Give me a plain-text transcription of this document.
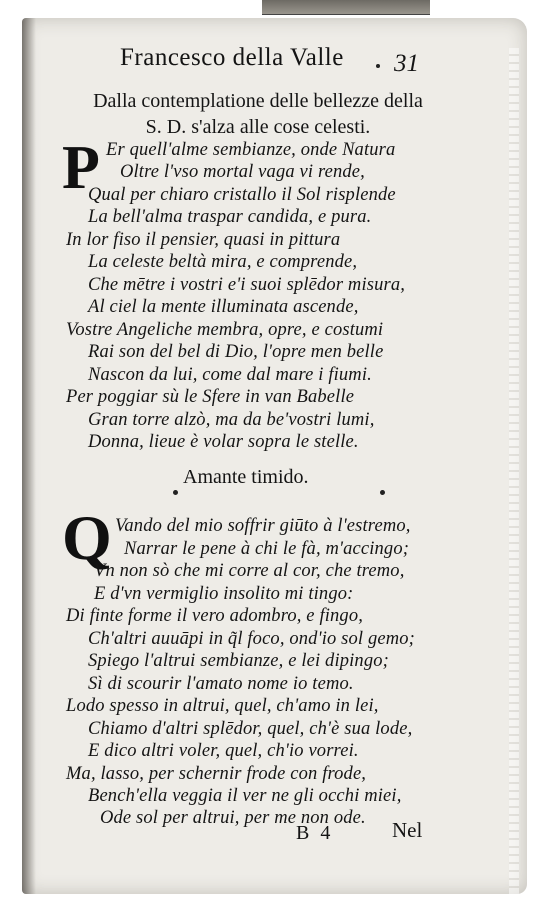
Francesco della Valle 31
Dalla contemplatione delle bellezze della
S. D. s'alza alle cose celesti.
P Er quell'alme sembianze, onde Natura
Oltre l'vso mortal vaga vi rende,
Qual per chiaro cristallo il Sol risplende
La bell'alma traspar candida, e pura.
In lor fiso il pensier, quasi in pittura
La celeste beltà mira, e comprende,
Che mētre i vostri e'i suoi splēdor misura,
Al ciel la mente illuminata ascende,
Vostre Angeliche membra, opre, e costumi
Rai son del bel di Dio, l'opre men belle
Nascon da lui, come dal mare i fiumi.
Per poggiar sù le Sfere in van Babelle
Gran torre alzò, ma da be'vostri lumi,
Donna, lieue è volar sopra le stelle.
Amante timido.
Q Vando del mio soffrir giūto à l'estremo,
Narrar le pene à chi le fà, m'accingo;
Vn non sò che mi corre al cor, che tremo,
E d'vn vermiglio insolito mi tingo:
Di finte forme il vero adombro, e fingo,
Ch'altri auuāpi in q̃l foco, ond'io sol gemo;
Spiego l'altrui sembianze, e lei dipingo;
Sì di scourir l'amato nome io temo.
Lodo spesso in altrui, quel, ch'amo in lei,
Chiamo d'altri splēdor, quel, ch'è sua lode,
E dico altri voler, quel, ch'io vorrei.
Ma, lasso, per schernir frode con frode,
Bench'ella veggia il ver ne gli occhi miei,
Ode sol per altrui, per me non ode.
B 4	Nel
